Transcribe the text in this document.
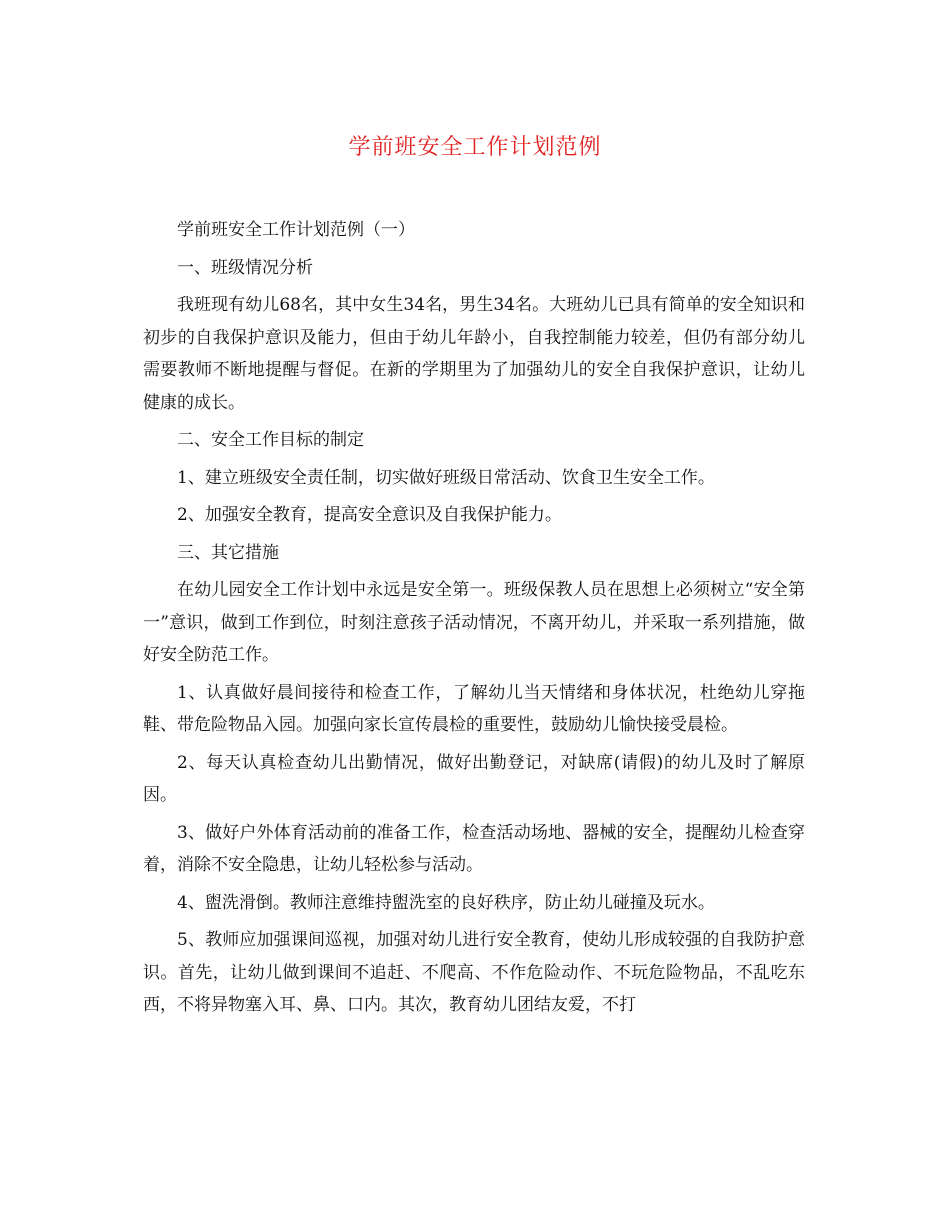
学前班安全工作计划范例

学前班安全工作计划范例（一）

一、班级情况分析

我班现有幼儿68名，其中女生34名，男生34名。大班幼儿已具有简单的安全知识和初步的自我保护意识及能力，但由于幼儿年龄小，自我控制能力较差，但仍有部分幼儿需要教师不断地提醒与督促。在新的学期里为了加强幼儿的安全自我保护意识，让幼儿健康的成长。

二、安全工作目标的制定

1、建立班级安全责任制，切实做好班级日常活动、饮食卫生安全工作。

2、加强安全教育，提高安全意识及自我保护能力。

三、其它措施

在幼儿园安全工作计划中永远是安全第一。班级保教人员在思想上必须树立“安全第一”意识，做到工作到位，时刻注意孩子活动情况，不离开幼儿，并采取一系列措施，做好安全防范工作。

1、认真做好晨间接待和检查工作，了解幼儿当天情绪和身体状况，杜绝幼儿穿拖鞋、带危险物品入园。加强向家长宣传晨检的重要性，鼓励幼儿愉快接受晨检。

2、每天认真检查幼儿出勤情况，做好出勤登记，对缺席(请假)的幼儿及时了解原因。

3、做好户外体育活动前的准备工作，检查活动场地、器械的安全，提醒幼儿检查穿着，消除不安全隐患，让幼儿轻松参与活动。

4、盥洗滑倒。教师注意维持盥洗室的良好秩序，防止幼儿碰撞及玩水。

5、教师应加强课间巡视，加强对幼儿进行安全教育，使幼儿形成较强的自我防护意识。首先，让幼儿做到课间不追赶、不爬高、不作危险动作、不玩危险物品，不乱吃东西，不将异物塞入耳、鼻、口内。其次，教育幼儿团结友爱，不打
